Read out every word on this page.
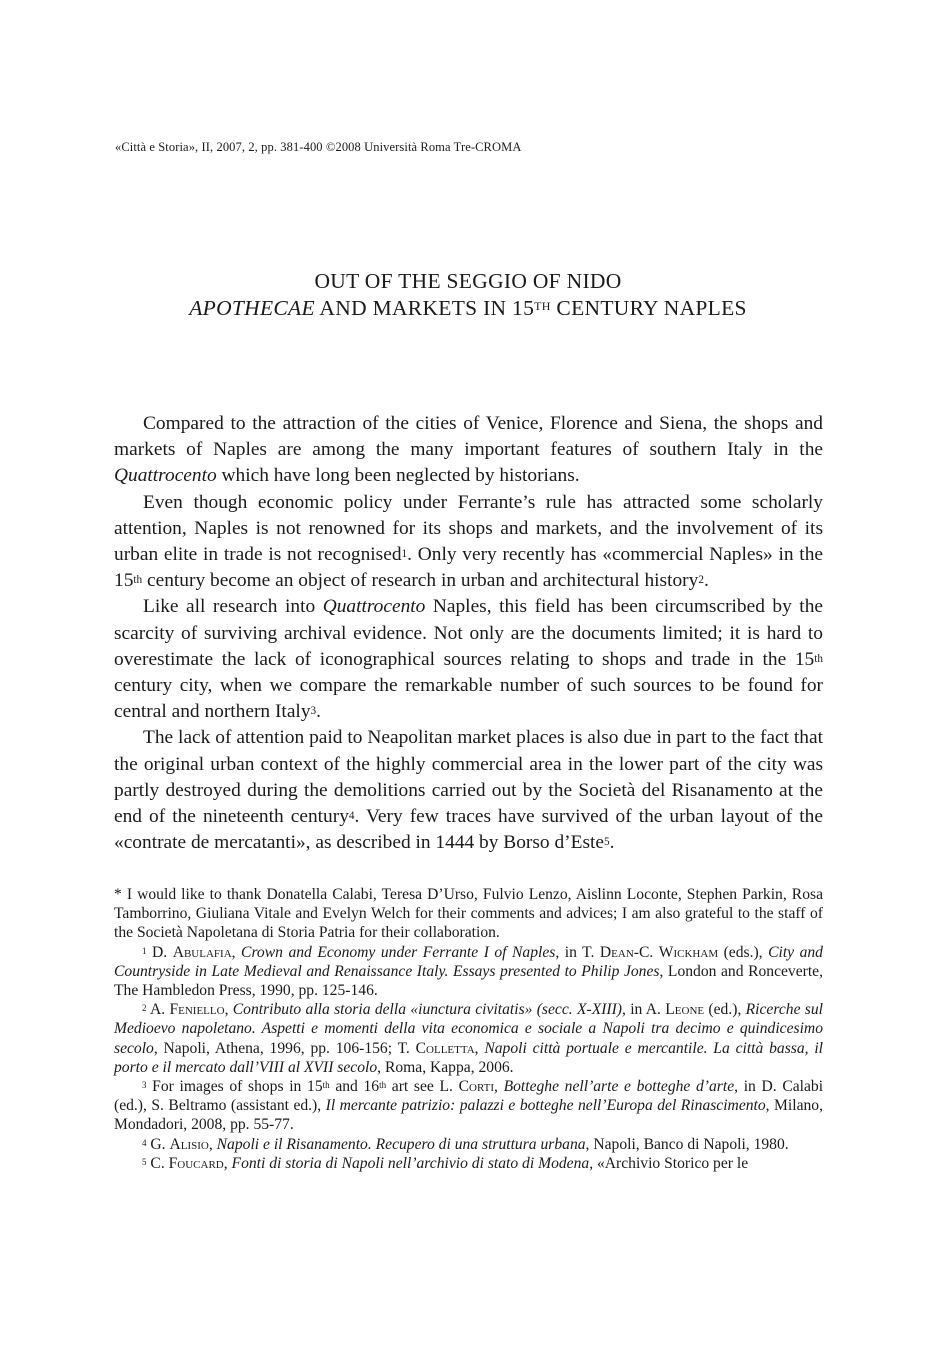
«Città e Storia», II, 2007, 2, pp. 381-400 ©2008 Università Roma Tre-CROMA
OUT OF THE SEGGIO OF NIDO
APOTHECAE AND MARKETS IN 15TH CENTURY NAPLES

Compared to the attraction of the cities of Venice, Florence and Siena, the shops and markets of Naples are among the many important features of southern Italy in the Quattrocento which have long been neglected by historians.

Even though economic policy under Ferrante’s rule has attracted some scholarly attention, Naples is not renowned for its shops and markets, and the involvement of its urban elite in trade is not recognised$^1$. Only very recently has «commercial Naples» in the 15th century become an object of research in urban and architectural history$^2$.

Like all research into Quattrocento Naples, this field has been circumscribed by the scarcity of surviving archival evidence. Not only are the documents limited; it is hard to overestimate the lack of iconographical sources relating to shops and trade in the 15th century city, when we compare the remarkable number of such sources to be found for central and northern Italy$^3$.

The lack of attention paid to Neapolitan market places is also due in part to the fact that the original urban context of the highly commercial area in the lower part of the city was partly destroyed during the demolitions carried out by the Società del Risanamento at the end of the nineteenth century$^4$. Very few traces have survived of the urban layout of the «contrate de mercatanti», as described in 1444 by Borso d’Este$^5$.

* I would like to thank Donatella Calabi, Teresa D’Urso, Fulvio Lenzo, Aislinn Loconte, Stephen Parkin, Rosa Tamborrino, Giuliana Vitale and Evelyn Welch for their comments and advices; I am also grateful to the staff of the Società Napoletana di Storia Patria for their collaboration.

$^1$ D. Abulafia, Crown and Economy under Ferrante I of Naples, in T. Dean-C. Wickham (eds.), City and Countryside in Late Medieval and Renaissance Italy. Essays presented to Philip Jones, London and Ronceverte, The Hambledon Press, 1990, pp. 125-146.

$^2$ A. Feniello, Contributo alla storia della «iunctura civitatis» (secc. X-XIII), in A. Leone (ed.), Ricerche sul Medioevo napoletano. Aspetti e momenti della vita economica e sociale a Napoli tra decimo e quindicesimo secolo, Napoli, Athena, 1996, pp. 106-156; T. Colletta, Napoli città portuale e mercantile. La città bassa, il porto e il mercato dall’VIII al XVII secolo, Roma, Kappa, 2006.

$^3$ For images of shops in 15th and 16th art see L. Corti, Botteghe nell’arte e botteghe d’arte, in D. Calabi (ed.), S. Beltramo (assistant ed.), Il mercante patrizio: palazzi e botteghe nell’Europa del Rinascimento, Milano, Mondadori, 2008, pp. 55-77.

$^4$ G. Alisio, Napoli e il Risanamento. Recupero di una struttura urbana, Napoli, Banco di Napoli, 1980.

$^5$ C. Foucard, Fonti di storia di Napoli nell’archivio di stato di Modena, «Archivio Storico per le
